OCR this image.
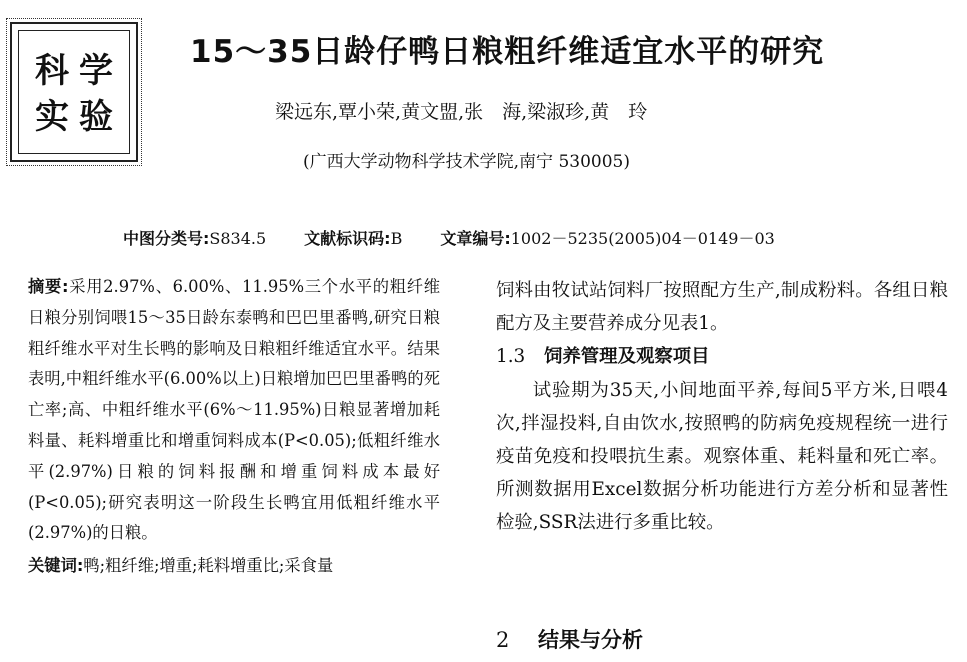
科 学
实 验
15～35日龄仔鸭日粮粗纤维适宜水平的研究
梁远东,覃小荣,黄文盟,张　海,梁淑珍,黄　玲
(广西大学动物科学技术学院,南宁 530005)
中图分类号:S834.5 文献标识码:B 文章编号:1002－5235(2005)04－0149－03
摘要:采用2.97%、6.00%、11.95%三个水平的粗纤维日粮分别饲喂15～35日龄东泰鸭和巴巴里番鸭,研究日粮粗纤维水平对生长鸭的影响及日粮粗纤维适宜水平。结果表明,中粗纤维水平(6.00%以上)日粮增加巴巴里番鸭的死亡率;高、中粗纤维水平(6%～11.95%)日粮显著增加耗料量、耗料增重比和增重饲料成本(P<0.05);低粗纤维水平(2.97%)日粮的饲料报酬和增重饲料成本最好(P<0.05);研究表明这一阶段生长鸭宜用低粗纤维水平(2.97%)的日粮。
关键词:鸭;粗纤维;增重;耗料增重比;采食量

饲料由牧试站饲料厂按照配方生产,制成粉料。各组日粮配方及主要营养成分见表1。

1.3 饲养管理及观察项目

试验期为35天,小间地面平养,每间5平方米,日喂4次,拌湿投料,自由饮水,按照鸭的防病免疫规程统一进行疫苗免疫和投喂抗生素。观察体重、耗料量和死亡率。所测数据用Excel数据分析功能进行方差分析和显著性检验,SSR法进行多重比较。

2 结果与分析
